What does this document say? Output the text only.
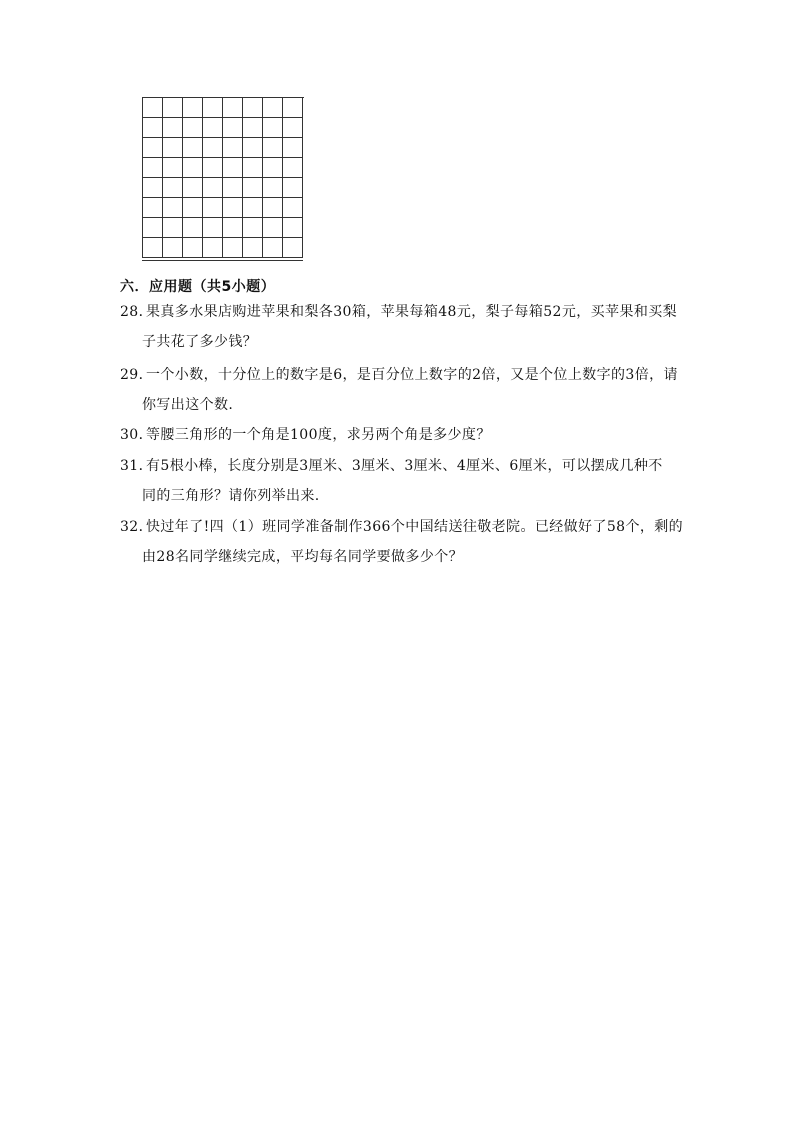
六．应用题（共5小题）
28．果真多水果店购进苹果和梨各30箱，苹果每箱48元，梨子每箱52元，买苹果和买梨
子共花了多少钱？
29．一个小数，十分位上的数字是6，是百分位上数字的2倍，又是个位上数字的3倍，请
你写出这个数.
30．等腰三角形的一个角是100度，求另两个角是多少度？
31．有5根小棒，长度分别是3厘米、3厘米、3厘米、4厘米、6厘米，可以摆成几种不
同的三角形？请你列举出来.
32．快过年了!四（1）班同学准备制作366个中国结送往敬老院。已经做好了58个，剩的
由28名同学继续完成，平均每名同学要做多少个？
